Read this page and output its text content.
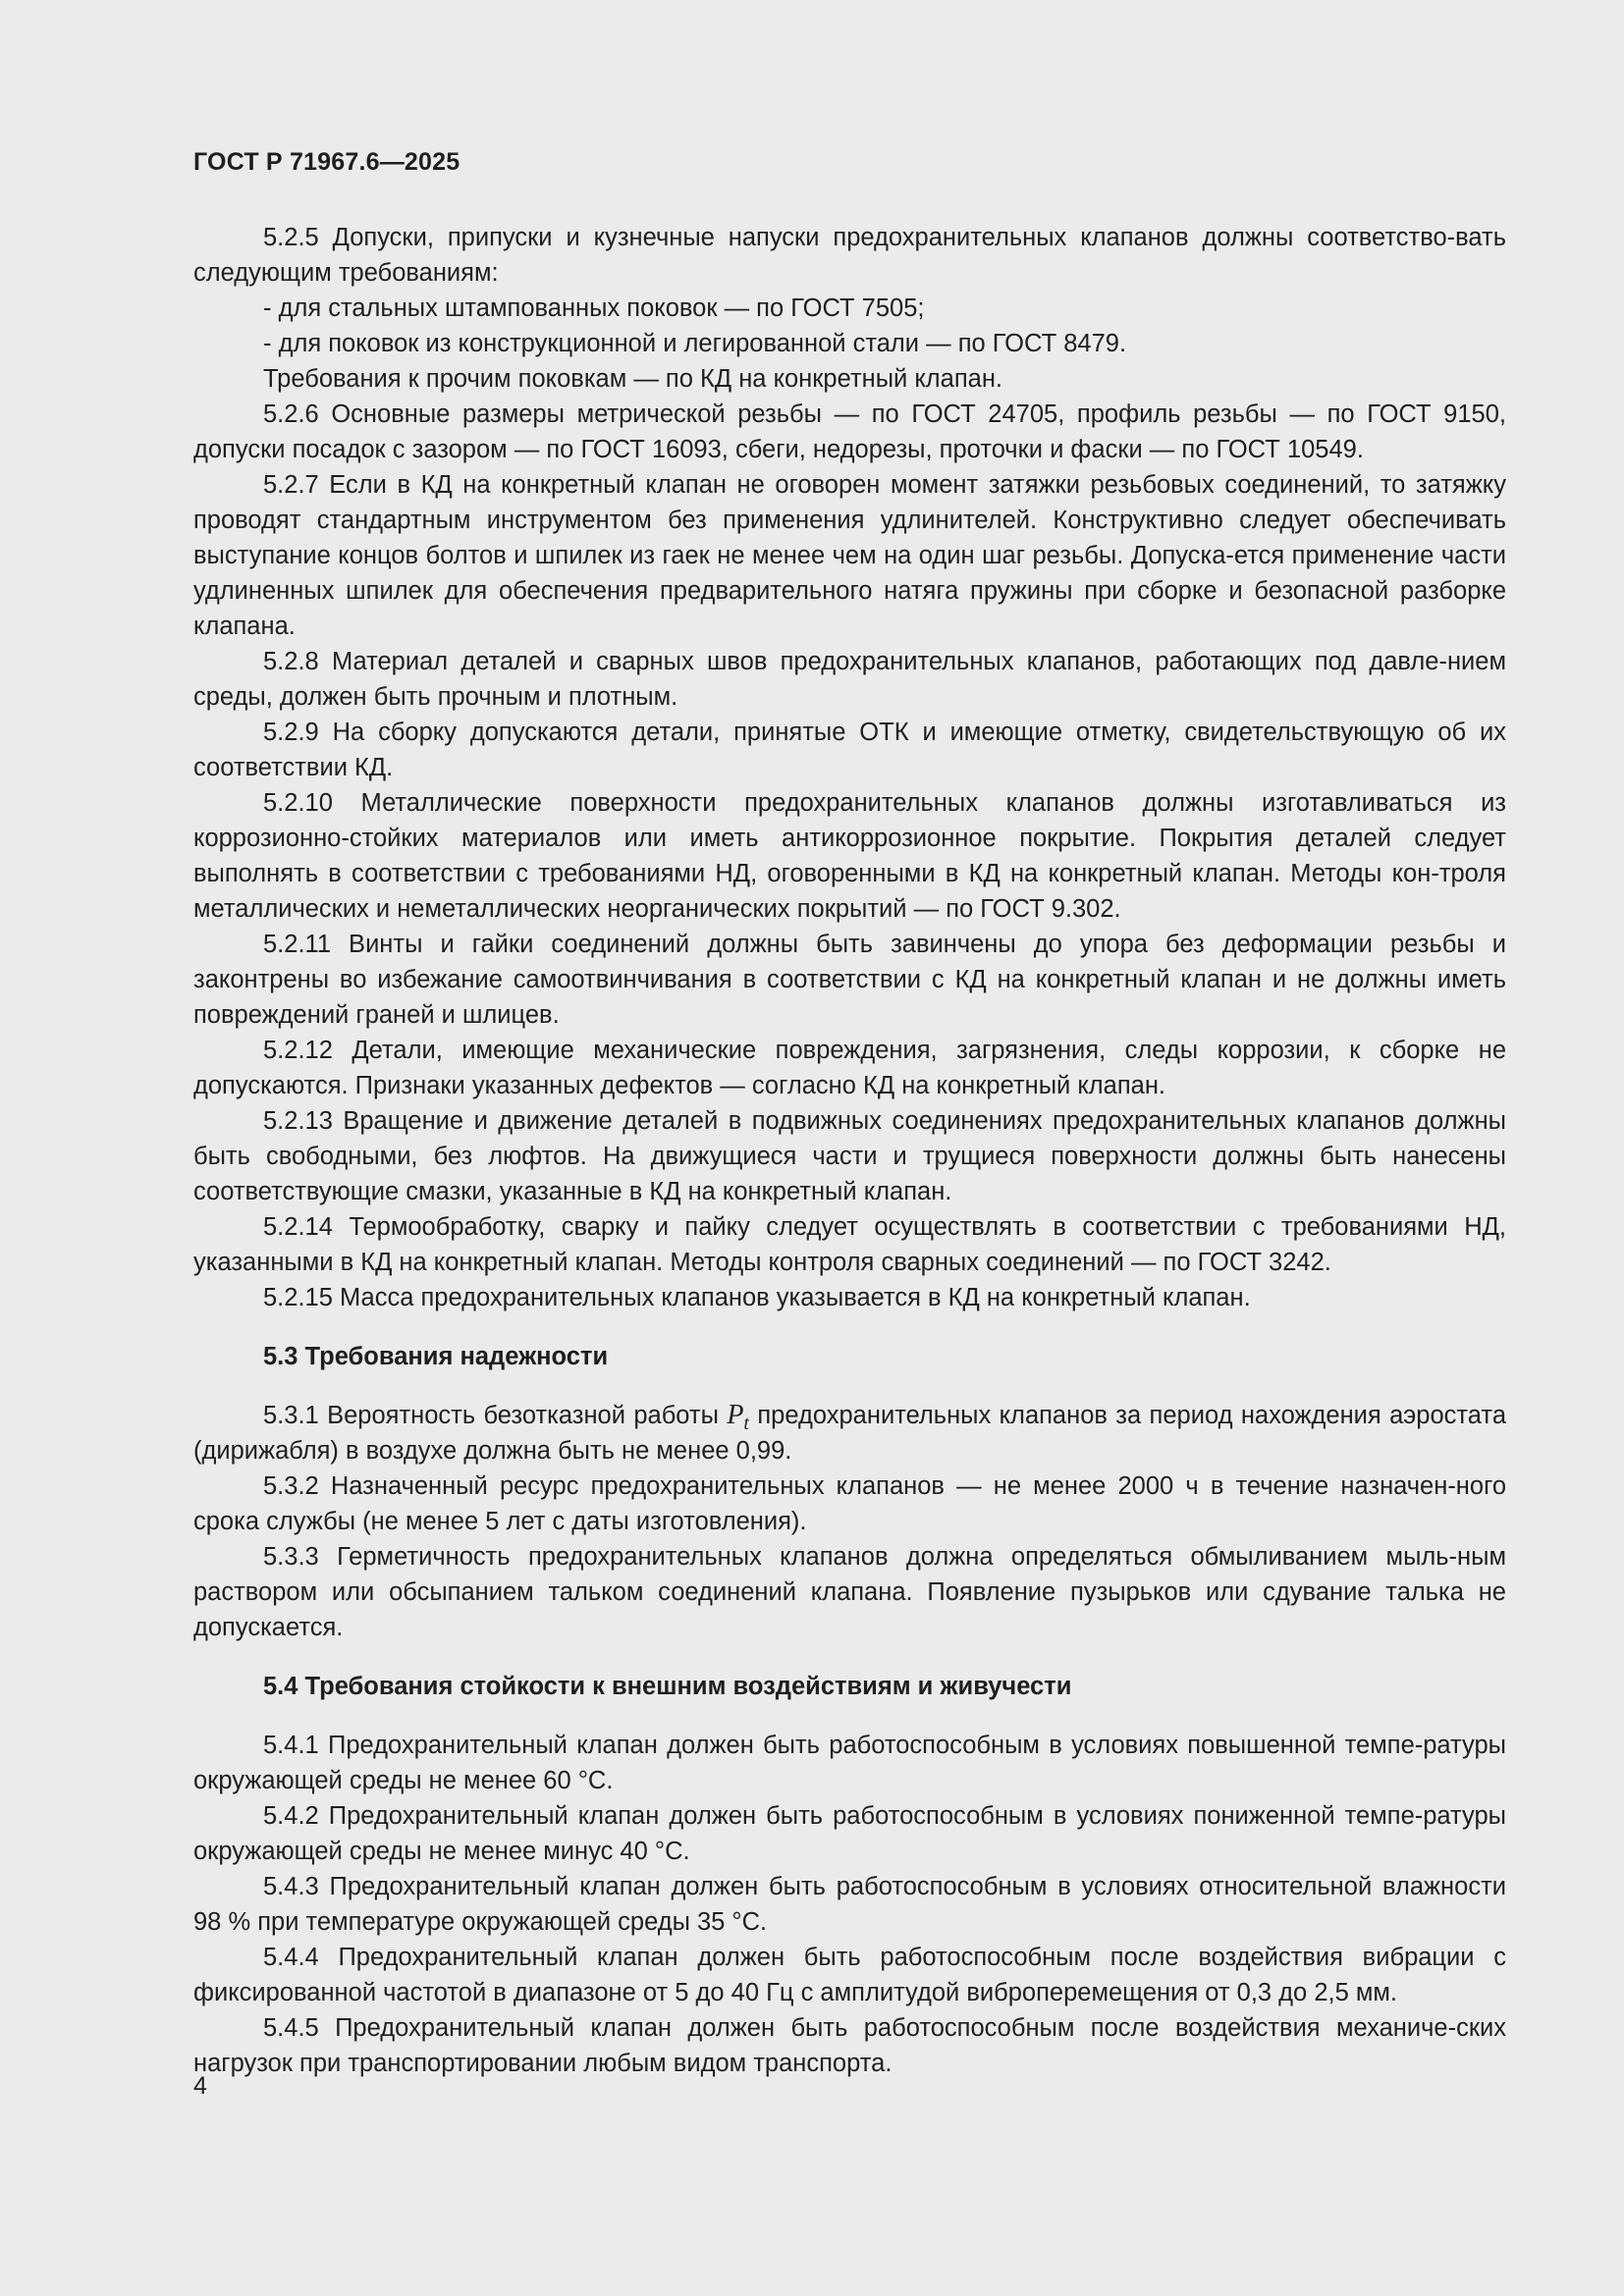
ГОСТ Р 71967.6—2025

5.2.5 Допуски, припуски и кузнечные напуски предохранительных клапанов должны соответство-вать следующим требованиям:

- для стальных штампованных поковок — по ГОСТ 7505;

- для поковок из конструкционной и легированной стали — по ГОСТ 8479.

Требования к прочим поковкам — по КД на конкретный клапан.

5.2.6 Основные размеры метрической резьбы — по ГОСТ 24705, профиль резьбы — по ГОСТ 9150, допуски посадок с зазором — по ГОСТ 16093, сбеги, недорезы, проточки и фаски — по ГОСТ 10549.

5.2.7 Если в КД на конкретный клапан не оговорен момент затяжки резьбовых соединений, то затяжку проводят стандартным инструментом без применения удлинителей. Конструктивно следует обеспечивать выступание концов болтов и шпилек из гаек не менее чем на один шаг резьбы. Допуска-ется применение части удлиненных шпилек для обеспечения предварительного натяга пружины при сборке и безопасной разборке клапана.

5.2.8 Материал деталей и сварных швов предохранительных клапанов, работающих под давле-нием среды, должен быть прочным и плотным.

5.2.9 На сборку допускаются детали, принятые ОТК и имеющие отметку, свидетельствующую об их соответствии КД.

5.2.10 Металлические поверхности предохранительных клапанов должны изготавливаться из коррозионно-стойких материалов или иметь антикоррозионное покрытие. Покрытия деталей следует выполнять в соответствии с требованиями НД, оговоренными в КД на конкретный клапан. Методы кон-троля металлических и неметаллических неорганических покрытий — по ГОСТ 9.302.

5.2.11 Винты и гайки соединений должны быть завинчены до упора без деформации резьбы и законтрены во избежание самоотвинчивания в соответствии с КД на конкретный клапан и не должны иметь повреждений граней и шлицев.

5.2.12 Детали, имеющие механические повреждения, загрязнения, следы коррозии, к сборке не допускаются. Признаки указанных дефектов — согласно КД на конкретный клапан.

5.2.13 Вращение и движение деталей в подвижных соединениях предохранительных клапанов должны быть свободными, без люфтов. На движущиеся части и трущиеся поверхности должны быть нанесены соответствующие смазки, указанные в КД на конкретный клапан.

5.2.14 Термообработку, сварку и пайку следует осуществлять в соответствии с требованиями НД, указанными в КД на конкретный клапан. Методы контроля сварных соединений — по ГОСТ 3242.

5.2.15 Масса предохранительных клапанов указывается в КД на конкретный клапан.

5.3 Требования надежности

5.3.1 Вероятность безотказной работы $P_t$ предохранительных клапанов за период нахождения аэростата (дирижабля) в воздухе должна быть не менее 0,99.

5.3.2 Назначенный ресурс предохранительных клапанов — не менее 2000 ч в течение назначен-ного срока службы (не менее 5 лет с даты изготовления).

5.3.3 Герметичность предохранительных клапанов должна определяться обмыливанием мыль-ным раствором или обсыпанием тальком соединений клапана. Появление пузырьков или сдувание талька не допускается.

5.4 Требования стойкости к внешним воздействиям и живучести

5.4.1 Предохранительный клапан должен быть работоспособным в условиях повышенной темпе-ратуры окружающей среды не менее 60 °C.

5.4.2 Предохранительный клапан должен быть работоспособным в условиях пониженной темпе-ратуры окружающей среды не менее минус 40 °C.

5.4.3 Предохранительный клапан должен быть работоспособным в условиях относительной влажности 98 % при температуре окружающей среды 35 °C.

5.4.4 Предохранительный клапан должен быть работоспособным после воздействия вибрации с фиксированной частотой в диапазоне от 5 до 40 Гц с амплитудой виброперемещения от 0,3 до 2,5 мм.

5.4.5 Предохранительный клапан должен быть работоспособным после воздействия механиче-ских нагрузок при транспортировании любым видом транспорта.

4
